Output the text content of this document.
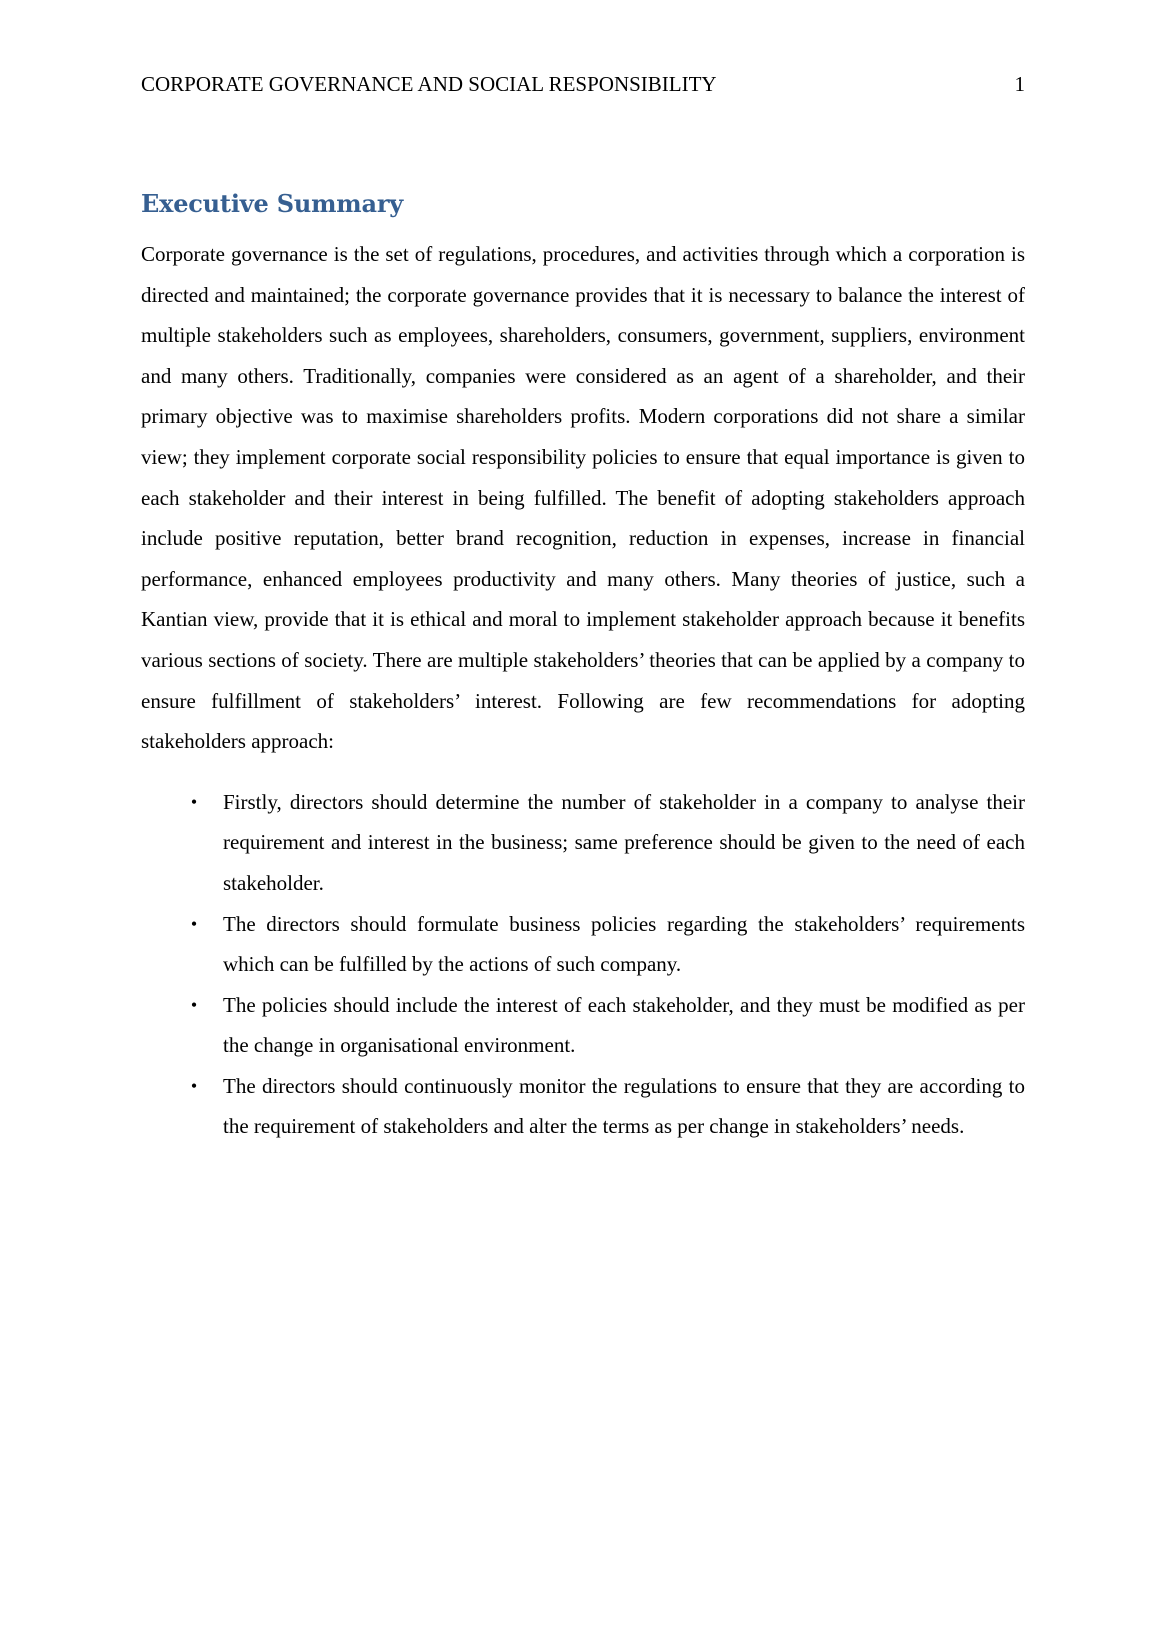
CORPORATE GOVERNANCE AND SOCIAL RESPONSIBILITY	1
Executive Summary

Corporate governance is the set of regulations, procedures, and activities through which a corporation is directed and maintained; the corporate governance provides that it is necessary to balance the interest of multiple stakeholders such as employees, shareholders, consumers, government, suppliers, environment and many others. Traditionally, companies were considered as an agent of a shareholder, and their primary objective was to maximise shareholders profits. Modern corporations did not share a similar view; they implement corporate social responsibility policies to ensure that equal importance is given to each stakeholder and their interest in being fulfilled. The benefit of adopting stakeholders approach include positive reputation, better brand recognition, reduction in expenses, increase in financial performance, enhanced employees productivity and many others. Many theories of justice, such a Kantian view, provide that it is ethical and moral to implement stakeholder approach because it benefits various sections of society. There are multiple stakeholders’ theories that can be applied by a company to ensure fulfillment of stakeholders’ interest. Following are few recommendations for adopting stakeholders approach:

• Firstly, directors should determine the number of stakeholder in a company to analyse their requirement and interest in the business; same preference should be given to the need of each stakeholder.
• The directors should formulate business policies regarding the stakeholders’ requirements which can be fulfilled by the actions of such company.
• The policies should include the interest of each stakeholder, and they must be modified as per the change in organisational environment.
• The directors should continuously monitor the regulations to ensure that they are according to the requirement of stakeholders and alter the terms as per change in stakeholders’ needs.
